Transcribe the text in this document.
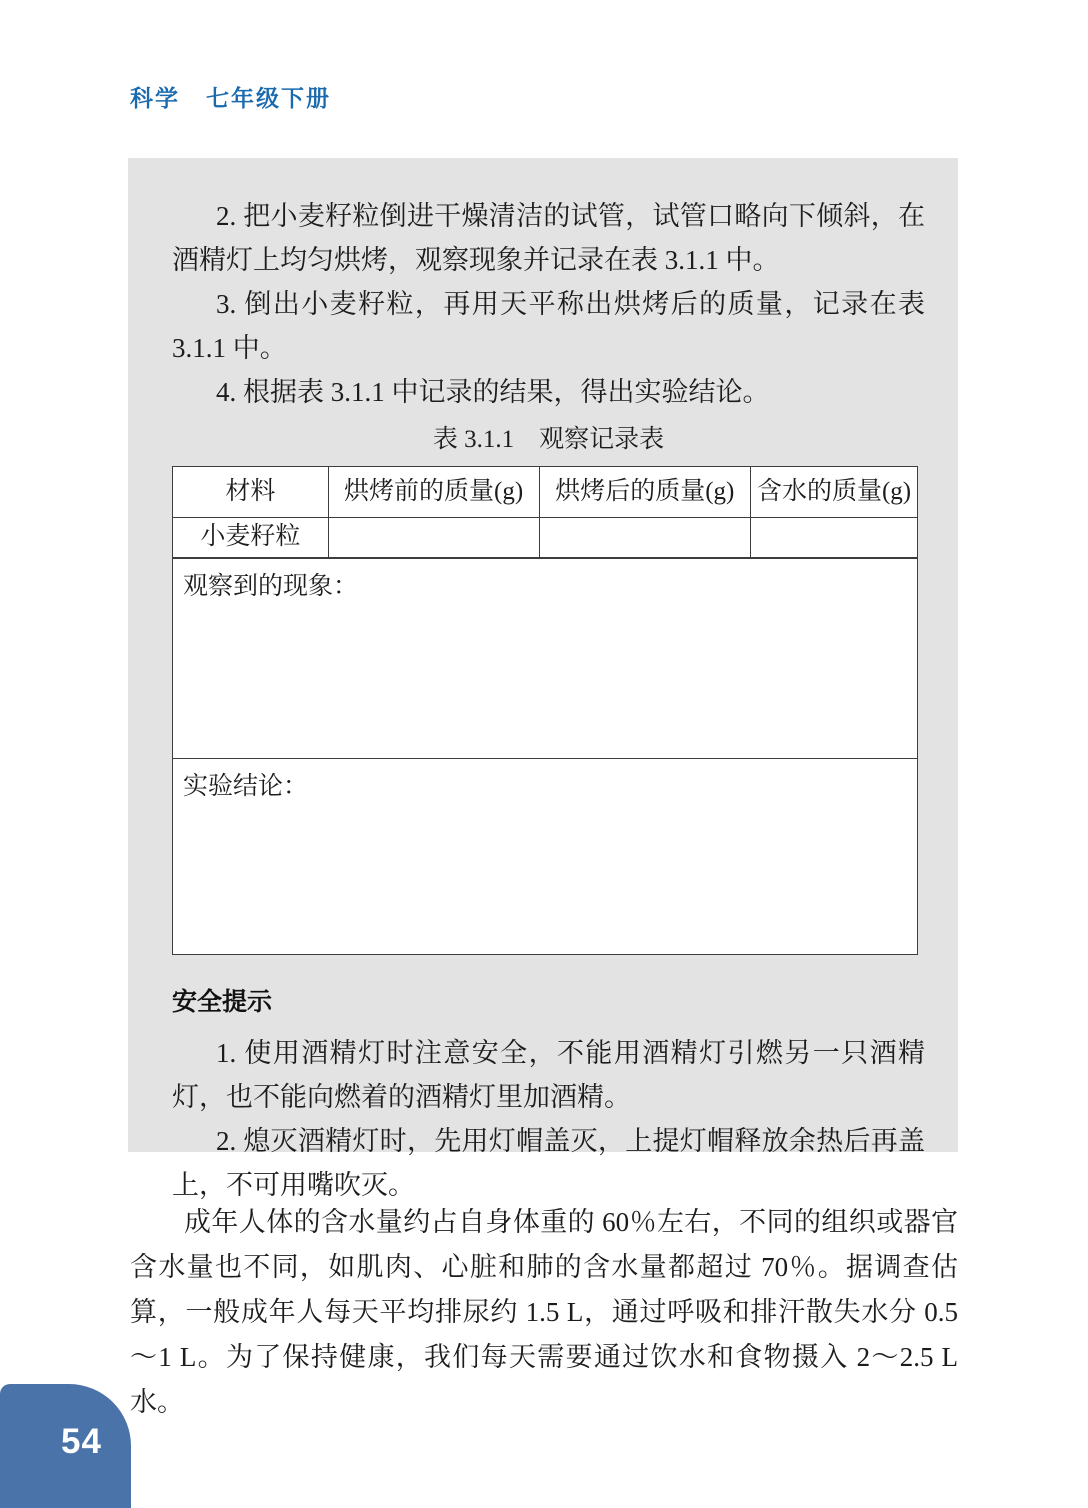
科学 七年级下册

2. 把小麦籽粒倒进干燥清洁的试管，试管口略向下倾斜，在酒精灯上均匀烘烤，观察现象并记录在表 3.1.1 中。

3. 倒出小麦籽粒，再用天平称出烘烤后的质量，记录在表 3.1.1 中。

4. 根据表 3.1.1 中记录的结果，得出实验结论。

表 3.1.1　观察记录表
材料	烘烤前的质量(g)	烘烤后的质量(g)	含水的质量(g)
小麦籽粒			
观察到的现象：			
实验结论：			
安全提示

1. 使用酒精灯时注意安全，不能用酒精灯引燃另一只酒精灯，也不能向燃着的酒精灯里加酒精。

2. 熄灭酒精灯时，先用灯帽盖灭，上提灯帽释放余热后再盖上，不可用嘴吹灭。

成年人体的含水量约占自身体重的 60％左右，不同的组织或器官含水量也不同，如肌肉、心脏和肺的含水量都超过 70％。据调查估算，一般成年人每天平均排尿约 1.5 L，通过呼吸和排汗散失水分 0.5～1 L。为了保持健康，我们每天需要通过饮水和食物摄入 2～2.5 L 水。

54
